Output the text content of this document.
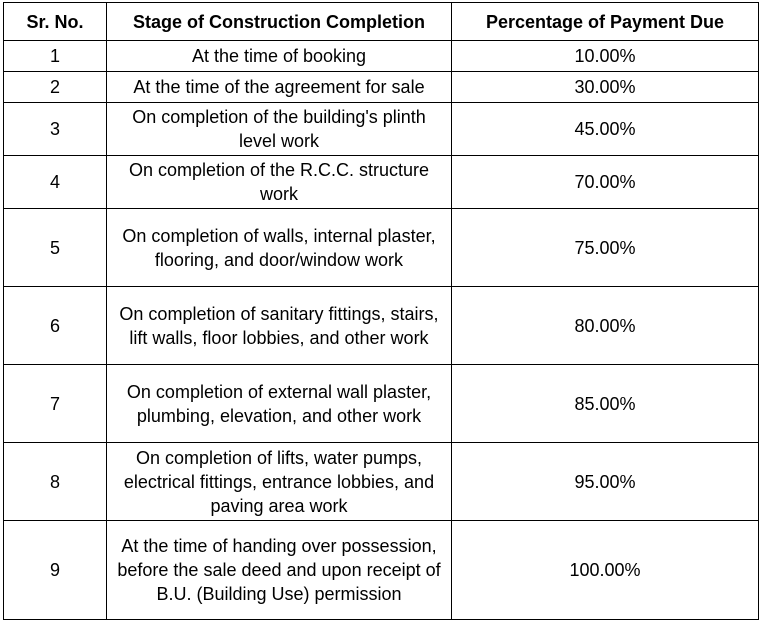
Sr. No.	Stage of Construction Completion	Percentage of Payment Due
1	At the time of booking	10.00%
2	At the time of the agreement for sale	30.00%
3	On completion of the building's plinth level work	45.00%
4	On completion of the R.C.C. structure work	70.00%
5	On completion of walls, internal plaster, flooring, and door/window work	75.00%
6	On completion of sanitary fittings, stairs, lift walls, floor lobbies, and other work	80.00%
7	On completion of external wall plaster, plumbing, elevation, and other work	85.00%
8	On completion of lifts, water pumps, electrical fittings, entrance lobbies, and paving area work	95.00%
9	At the time of handing over possession, before the sale deed and upon receipt of B.U. (Building Use) permission	100.00%
